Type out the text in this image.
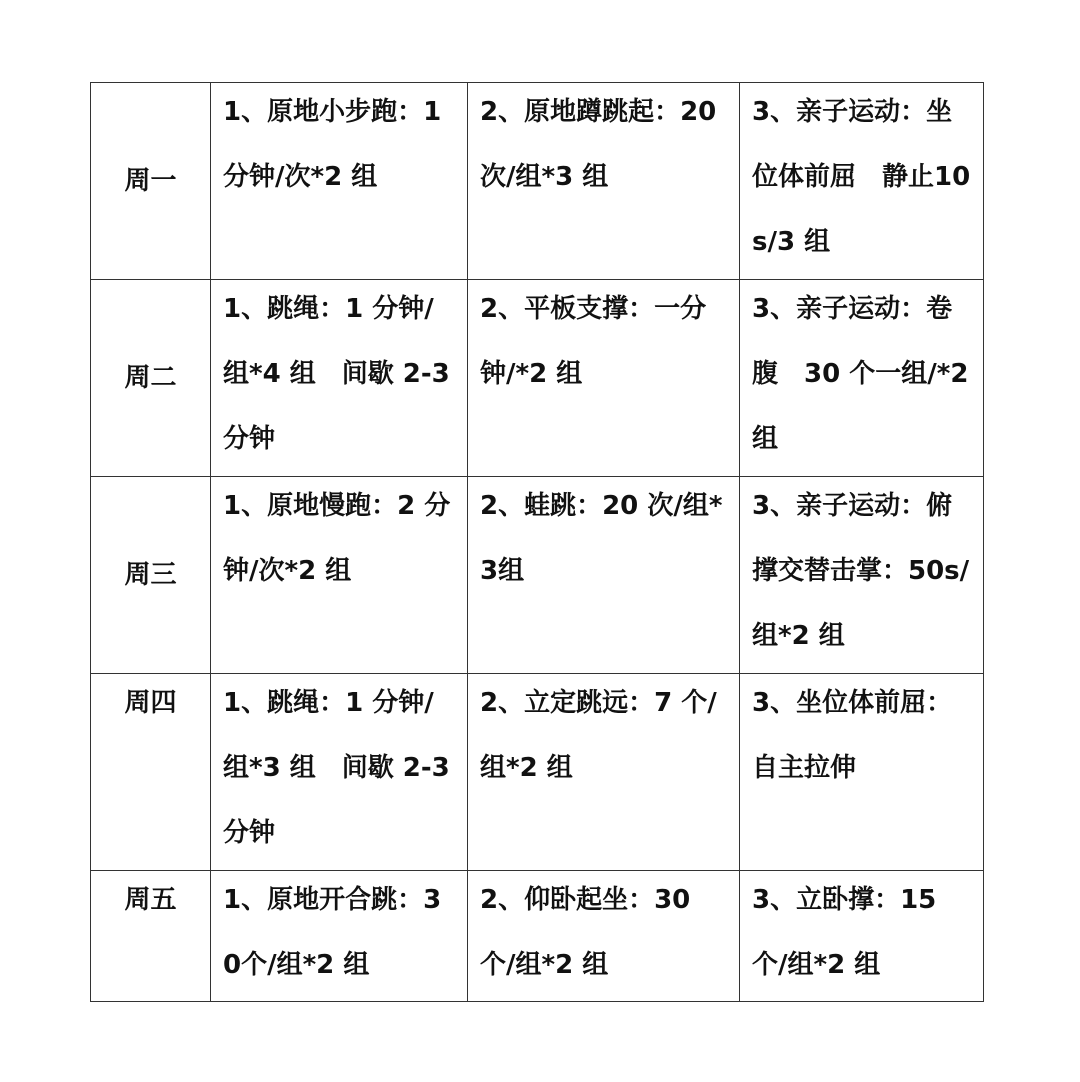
周一	1、原地小步跑：1分钟/次*2 组	2、原地蹲跳起：20次/组*3 组	3、亲子运动：坐位体前屈　静止10s/3 组

周二	1、跳绳：1 分钟/组*4 组　间歇 2-3 分钟	2、平板支撑：一分钟/*2 组	3、亲子运动：卷腹　30 个一组/*2组

周三	1、原地慢跑：2 分钟/次*2 组	2、蛙跳：20 次/组*3组	3、亲子运动：俯撑交替击掌：50s/组*2 组

周四	1、跳绳：1 分钟/组*3 组　间歇 2-3分钟	2、立定跳远：7 个/组*2 组	3、坐位体前屈：自主拉伸

周五	1、原地开合跳：30个/组*2 组	2、仰卧起坐：30 个/组*2 组	3、立卧撑：15 个/组*2 组
